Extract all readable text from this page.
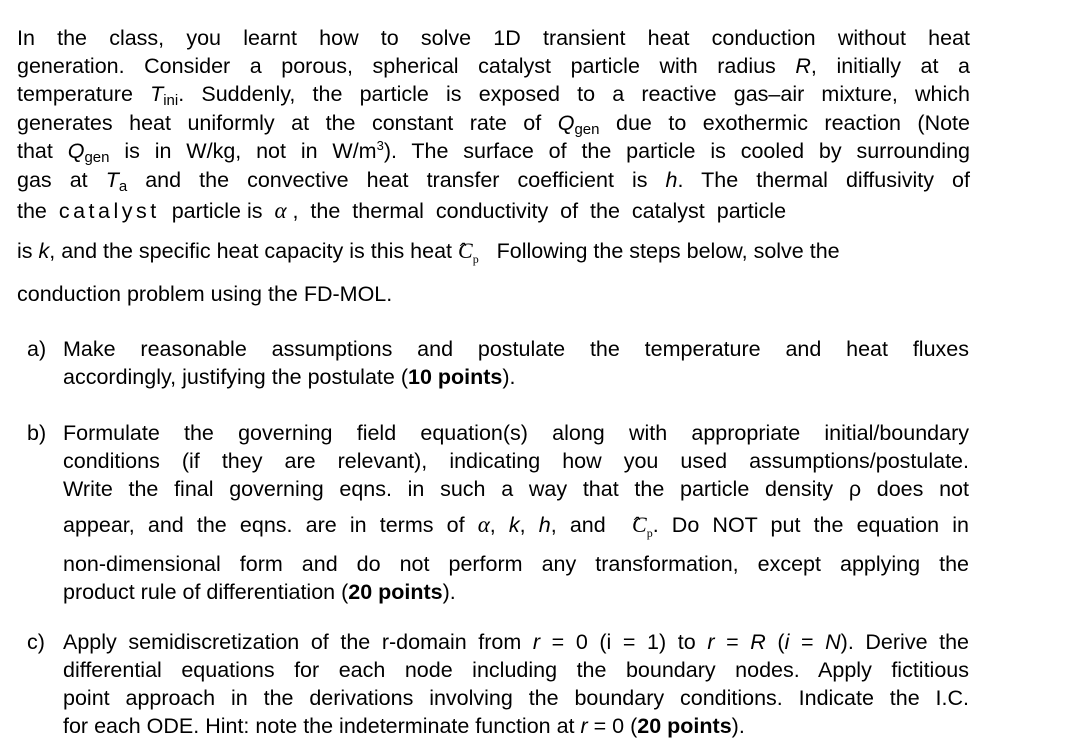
In the class, you learnt how to solve 1D transient heat conduction without heat
generation. Consider a porous, spherical catalyst particle with radius R, initially at a
temperature Tini. Suddenly, the particle is exposed to a reactive gas–air mixture, which
generates heat uniformly at the constant rate of Qgen due to exothermic reaction (Note
that Qgen is in W/kg, not in $W/m^3$). The surface of the particle is cooled by surrounding
gas at Ta and the convective heat transfer coefficient is h. The thermal diffusivity of
the catalyst particle is α ,  the  thermal  conductivity  of  the  catalyst  particle
is k, and the specific heat capacity is this heat ̂ $C_p$ Following the steps below, solve the
conduction problem using the FD-MOL.
a) Make reasonable assumptions and postulate the temperature and heat fluxes
accordingly, justifying the postulate (10 points).
b) Formulate the governing field equation(s) along with appropriate initial/boundary
conditions (if they are relevant), indicating how you used assumptions/postulate.
Write the final governing eqns. in such a way that the particle density ρ does not
appear, and the eqns. are in terms of α, k, h, and ̂ $C_p$. Do NOT put the equation in
non-dimensional form and do not perform any transformation, except applying the
product rule of differentiation (20 points).
c) Apply semidiscretization of the r-domain from r = 0 (i = 1) to r = R (i = N). Derive the
differential equations for each node including the boundary nodes. Apply fictitious
point approach in the derivations involving the boundary conditions. Indicate the I.C.
for each ODE. Hint: note the indeterminate function at r = 0 (20 points).
